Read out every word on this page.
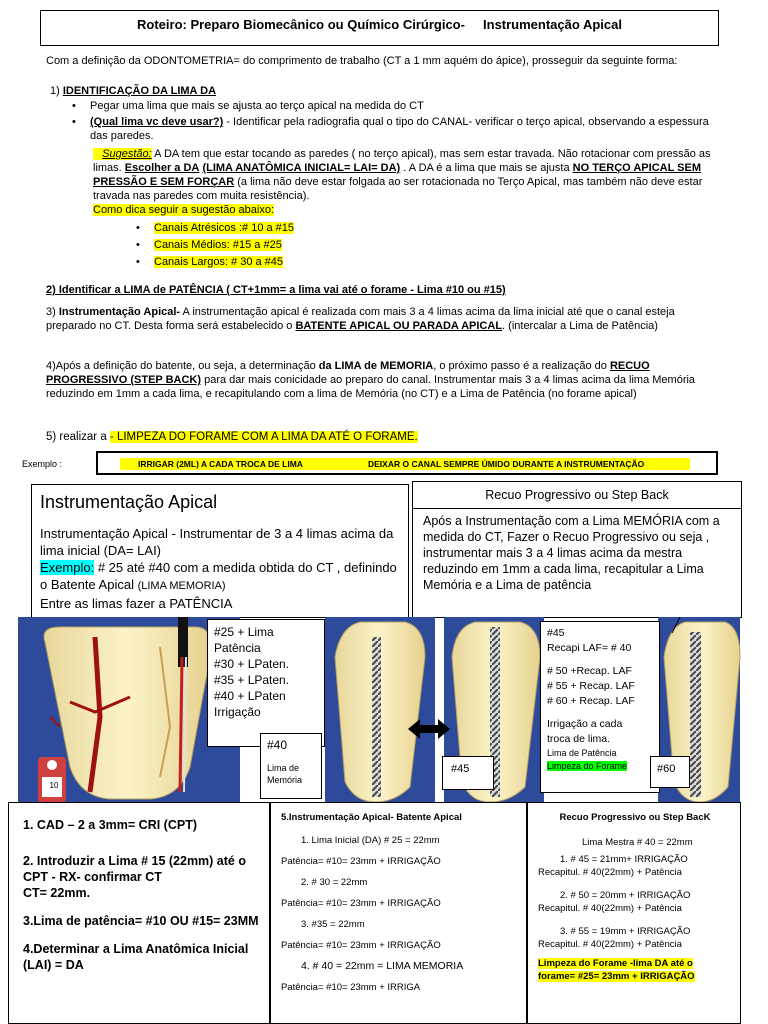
Roteiro: Preparo Biomecânico ou Químico Cirúrgico- Instrumentação Apical
Com a definição da ODONTOMETRIA= do comprimento de trabalho (CT a 1 mm aquém do ápice), prosseguir da seguinte forma:
1) IDENTIFICAÇÃO DA LIMA DA
• Pegar uma lima que mais se ajusta ao terço apical na medida do CT
• (Qual lima vc deve usar?) - Identificar pela radiografia qual o tipo do CANAL- verificar o terço apical, observando a espessura das paredes.
Sugestão: A DA tem que estar tocando as paredes ( no terço apical), mas sem estar travada. Não rotacionar com pressão as limas. Escolher a DA (LIMA ANATÔMICA INICIAL= LAI= DA) . A DA é a lima que mais se ajusta NO TERÇO APICAL SEM PRESSÃO E SEM FORÇAR (a lima não deve estar folgada ao ser rotacionada no Terço Apical, mas também não deve estar travada nas paredes com muita resistência).
Como dica seguir a sugestão abaixo:
• Canais Atrésicos :# 10 a #15
• Canais Médios: #15 a #25
• Canais Largos: # 30 a #45
2) Identificar a LIMA de PATÊNCIA ( CT+1mm= a lima vai até o forame - Lima #10 ou #15)
3) Instrumentação Apical- A instrumentação apical é realizada com mais 3 a 4 limas acima da lima inicial até que o canal esteja preparado no CT. Desta forma será estabelecido o BATENTE APICAL OU PARADA APICAL. (intercalar a Lima de Patência)
4)Após a definição do batente, ou seja, a determinação da LIMA de MEMORIA, o próximo passo é a realização do RECUO PROGRESSIVO (STEP BACK) para dar mais conicidade ao preparo do canal. Instrumentar mais 3 a 4 limas acima da lima Memória reduzindo em 1mm a cada lima, e recapitulando com a lima de Memória (no CT) e a Lima de Patência (no forame apical)
5) realizar a - LIMPEZA DO FORAME COM A LIMA DA ATÉ O FORAME.
Exemplo :	IRRIGAR (2ML) A CADA TROCA DE LIMA	DEIXAR O CANAL SEMPRE ÚMIDO DURANTE A INSTRUMENTAÇÃO
Instrumentação Apical
Instrumentação Apical - Instrumentar de 3 a 4 limas acima da lima inicial (DA= LAI)
Exemplo: # 25 até #40 com a medida obtida do CT , definindo o Batente Apical (LIMA MEMORIA)
Entre as limas fazer a PATÊNCIA
Recuo Progressivo ou Step Back
Após a Instrumentação com a Lima MEMÓRIA com a medida do CT, Fazer o Recuo Progressivo ou seja , instrumentar mais 3 a 4 limas acima da mestra reduzindo em 1mm a cada lima, recapitular a Lima Memória e a Lima de patência
10
#25 + Lima
Patência
#30 + LPaten.
#35 + LPaten.
#40 + LPaten
Irrigação
#40
Lima de
Memória
#45
#45
Recapi LAF= # 40
# 50 +Recap. LAF
# 55 + Recap. LAF
# 60 + Recap. LAF
Irrigação a cada
troca de lima.
Lima de Patência
Limpeza do Forame	#60
1. CAD – 2 a 3mm= CRI (CPT)
2. Introduzir a Lima # 15 (22mm) até o CPT - RX- confirmar CT
CT= 22mm.
3.Lima de patência= #10 OU #15= 23MM
4.Determinar a Lima Anatômica Inicial (LAI) = DA
5.Instrumentação Apical- Batente Apical
1. Lima Inicial (DA) # 25 = 22mm
Patência= #10= 23mm + IRRIGAÇÃO
2. # 30 = 22mm
Patência= #10= 23mm + IRRIGAÇÃO
3. #35 = 22mm
Patência= #10= 23mm + IRRIGAÇÃO
4. # 40 = 22mm = LIMA MEMORIA
Patência= #10= 23mm + IRRIGA
Recuo Progressivo ou Step BacK
Lima Mestra # 40 = 22mm
1. # 45 = 21mm+ IRRIGAÇÃO
Recapitul. # 40(22mm) + Patência
2. # 50 = 20mm + IRRIGAÇÃO
Recapitul. # 40(22mm) + Patência
3. # 55 = 19mm + IRRIGAÇÃO
Recapitul. # 40(22mm) + Patência
Limpeza do Forame -lima DA até o forame= #25= 23mm + IRRIGAÇÃO
